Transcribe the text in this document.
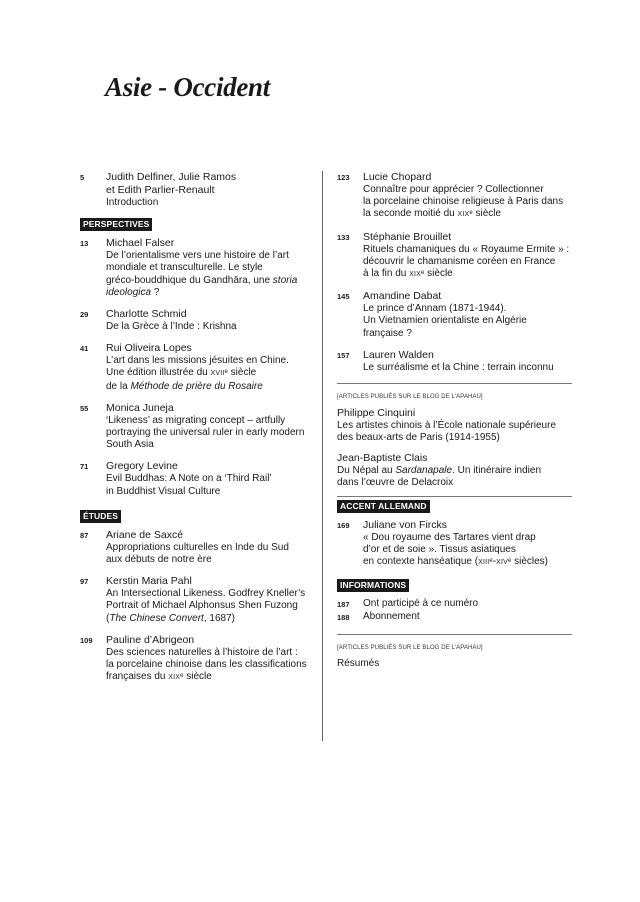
Asie - Occident
5 Judith Delfiner, Julie Ramos
et Edith Parlier-Renault
Introduction
PERSPECTIVES
13 Michael Falser
De l’orientalisme vers une histoire de l’art
mondiale et transculturelle. Le style
gréco-bouddhique du Gandhāra, une storia
ideologica ?
29 Charlotte Schmid
De la Grèce à l’Inde : Krishna
41 Rui Oliveira Lopes
L’art dans les missions jésuites en Chine.
Une édition illustrée du XVIIe siècle
de la Méthode de prière du Rosaire
55 Monica Juneja
‘Likeness’ as migrating concept – artfully
portraying the universal ruler in early modern
South Asia
71 Gregory Levine
Evil Buddhas: A Note on a ‘Third Rail’
in Buddhist Visual Culture
ÉTUDES
87 Ariane de Saxcé
Appropriations culturelles en Inde du Sud
aux débuts de notre ère
97 Kerstin Maria Pahl
An Intersectional Likeness. Godfrey Kneller’s
Portrait of Michael Alphonsus Shen Fuzong
(The Chinese Convert, 1687)
109 Pauline d’Abrigeon
Des sciences naturelles à l’histoire de l’art :
la porcelaine chinoise dans les classifications
françaises du XIXe siècle
123 Lucie Chopard
Connaître pour apprécier ? Collectionner
la porcelaine chinoise religieuse à Paris dans
la seconde moitié du XIXe siècle
133 Stéphanie Brouillet
Rituels chamaniques du « Royaume Ermite » :
découvrir le chamanisme coréen en France
à la fin du XIXe siècle
145 Amandine Dabat
Le prince d’Annam (1871-1944).
Un Vietnamien orientaliste en Algérie
française ?
157 Lauren Walden
Le surréalisme et la Chine : terrain inconnu
[ARTICLES PUBLIÉS SUR LE BLOG DE L’APAHAU]
Philippe Cinquini
Les artistes chinois à l’École nationale supérieure
des beaux-arts de Paris (1914-1955)
Jean-Baptiste Clais
Du Népal au Sardanapale. Un itinéraire indien
dans l’œuvre de Delacroix
ACCENT ALLEMAND
169 Juliane von Fircks
« Dou royaume des Tartares vient drap
d’or et de soie ». Tissus asiatiques
en contexte hanséatique (XIIIe-XIVe siècles)
INFORMATIONS
187 Ont participé à ce numéro
188 Abonnement
[ARTICLES PUBLIÉS SUR LE BLOG DE L’APAHAU]
Résumés
